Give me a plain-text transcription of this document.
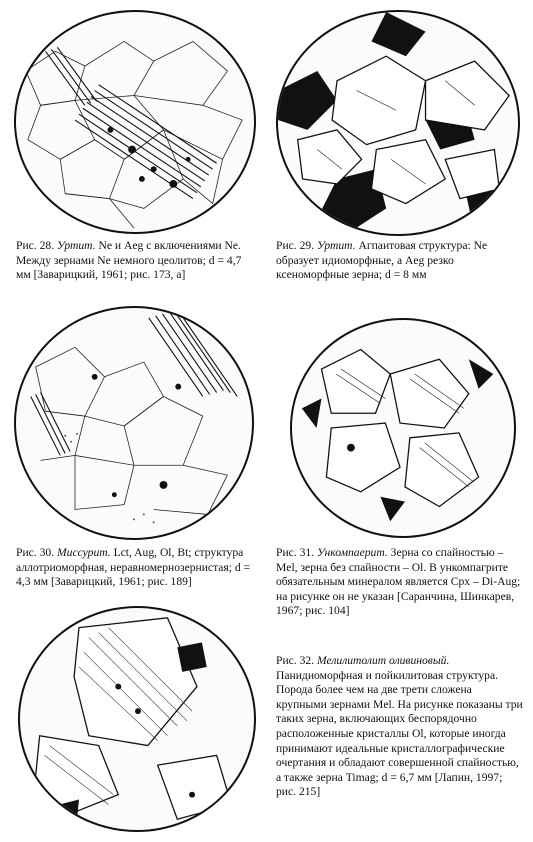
Рис. 28. Уртит. Ne и Aeg с включениями Ne. Между зернами Ne немного цеолитов; d = 4,7 мм [Заварицкий, 1961; рис. 173, а]

Рис. 29. Уртит. Агпаитовая структура: Ne образует идиоморфные, а Aeg резко ксеноморфные зерна; d = 8 мм

Рис. 30. Миссурит. Lct, Aug, Ol, Bt; структура аллотриоморфная, неравномернозернистая; d = 4,3 мм [Заварицкий, 1961; рис. 189]

Рис. 31. Ункомпаерит. Зерна со спайностью – Mel, зерна без спайности – Ol. В ункомпагрите обязательным минералом является Cpx – Di-Aug; на рисунке он не указан [Саранчина, Шинкарев, 1967; рис. 104]

Рис. 32. Мелилитолит оливиновый. Панидиоморфная и пойкилитовая структура. Порода более чем на две трети сложена крупными зернами Mel. На рисунке показаны три таких зерна, включающих беспорядочно расположенные кристаллы Ol, которые иногда принимают идеальные кристаллографические очертания и обладают совершенной спайностью, а также зерна Timag; d = 6,7 мм [Лапин, 1997; рис. 215]
